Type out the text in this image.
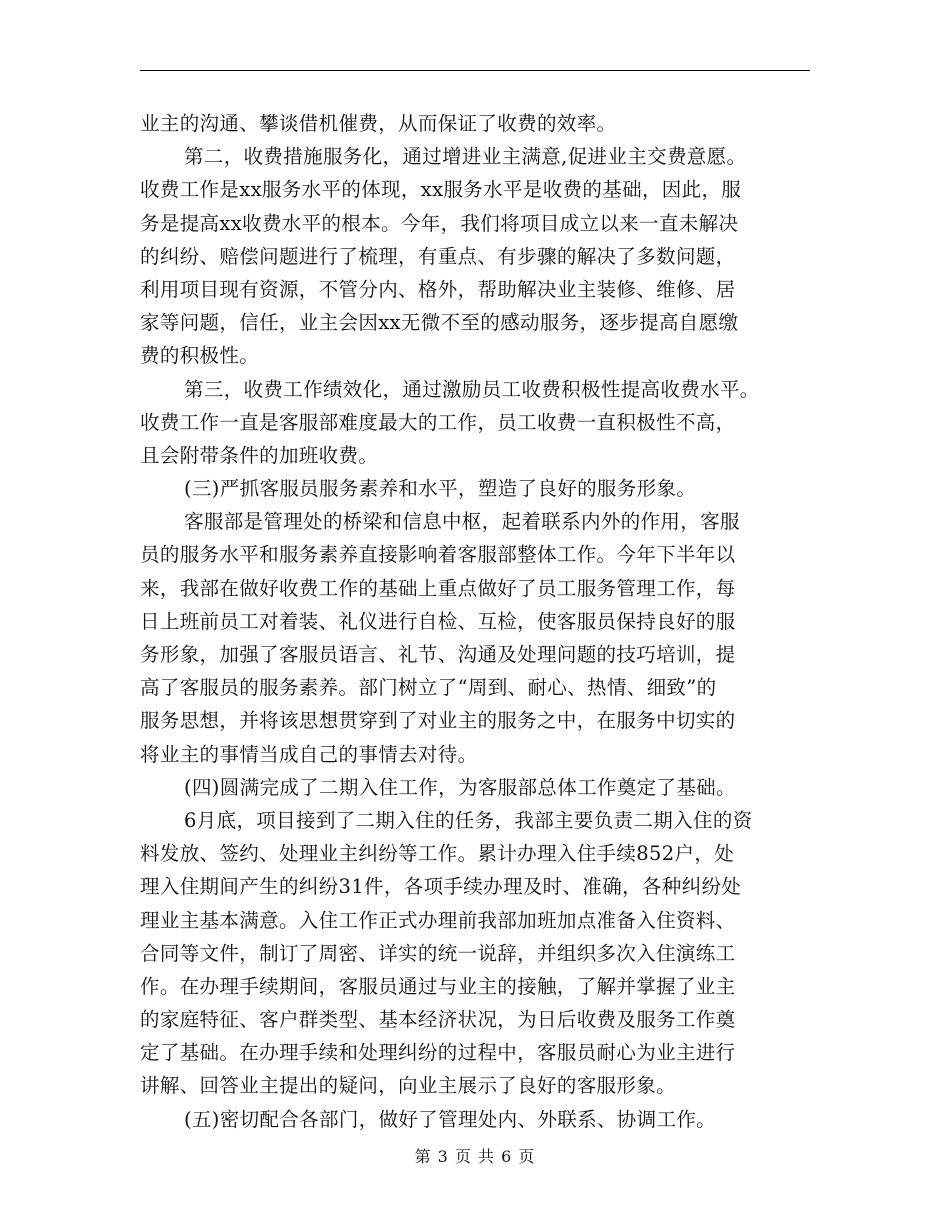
业主的沟通、攀谈借机催费，从而保证了收费的效率。
第二，收费措施服务化，通过增进业主满意,促进业主交费意愿。
收费工作是xx服务水平的体现，xx服务水平是收费的基础，因此，服
务是提高xx收费水平的根本。今年，我们将项目成立以来一直未解决
的纠纷、赔偿问题进行了梳理，有重点、有步骤的解决了多数问题，
利用项目现有资源，不管分内、格外，帮助解决业主装修、维修、居
家等问题，信任，业主会因xx无微不至的感动服务，逐步提高自愿缴
费的积极性。
第三，收费工作绩效化，通过激励员工收费积极性提高收费水平。
收费工作一直是客服部难度最大的工作，员工收费一直积极性不高，
且会附带条件的加班收费。
(三)严抓客服员服务素养和水平，塑造了良好的服务形象。
客服部是管理处的桥梁和信息中枢，起着联系内外的作用，客服
员的服务水平和服务素养直接影响着客服部整体工作。今年下半年以
来，我部在做好收费工作的基础上重点做好了员工服务管理工作，每
日上班前员工对着装、礼仪进行自检、互检，使客服员保持良好的服
务形象，加强了客服员语言、礼节、沟通及处理问题的技巧培训，提
高了客服员的服务素养。部门树立了“周到、耐心、热情、细致”的
服务思想，并将该思想贯穿到了对业主的服务之中，在服务中切实的
将业主的事情当成自己的事情去对待。
(四)圆满完成了二期入住工作，为客服部总体工作奠定了基础。
6月底，项目接到了二期入住的任务，我部主要负责二期入住的资
料发放、签约、处理业主纠纷等工作。累计办理入住手续852户，处
理入住期间产生的纠纷31件，各项手续办理及时、准确，各种纠纷处
理业主基本满意。入住工作正式办理前我部加班加点准备入住资料、
合同等文件，制订了周密、详实的统一说辞，并组织多次入住演练工
作。在办理手续期间，客服员通过与业主的接触，了解并掌握了业主
的家庭特征、客户群类型、基本经济状况，为日后收费及服务工作奠
定了基础。在办理手续和处理纠纷的过程中，客服员耐心为业主进行
讲解、回答业主提出的疑问，向业主展示了良好的客服形象。
(五)密切配合各部门，做好了管理处内、外联系、协调工作。
第 3 页 共 6 页
